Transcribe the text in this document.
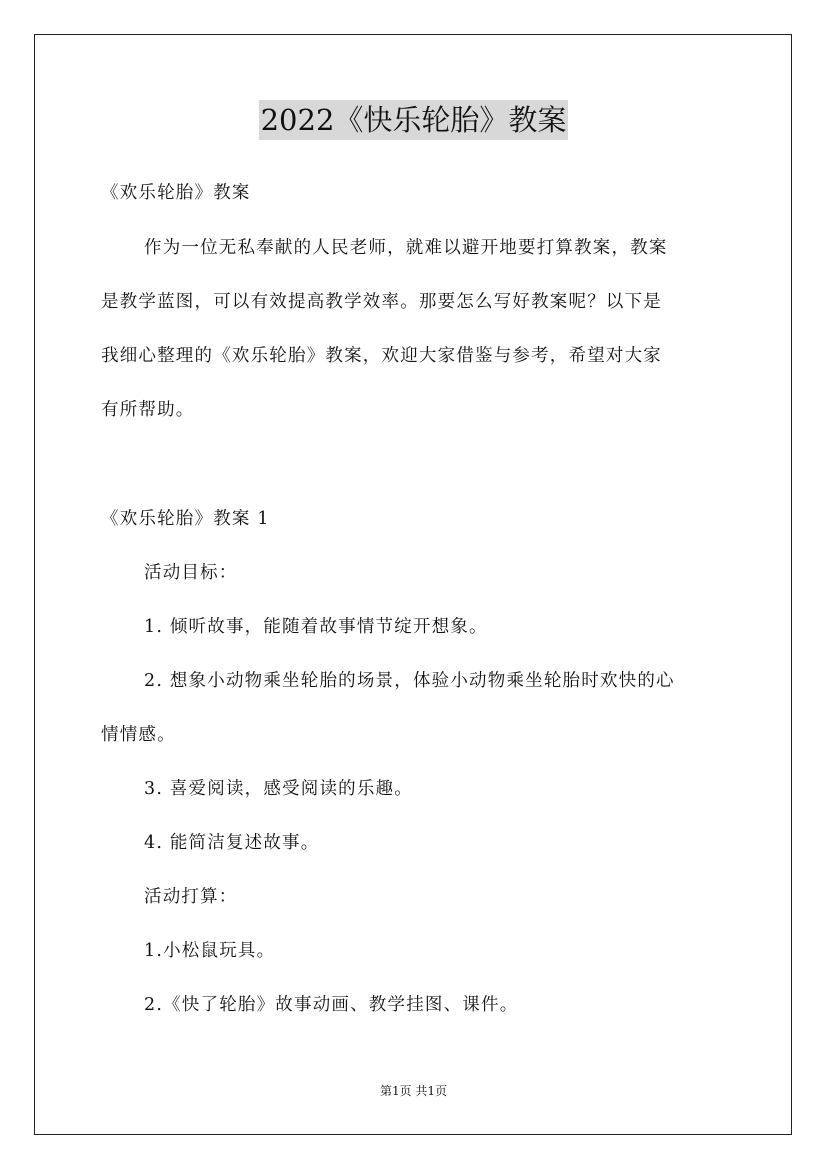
2022《快乐轮胎》教案
《欢乐轮胎》教案
作为一位无私奉献的人民老师，就难以避开地要打算教案，教案
是教学蓝图，可以有效提高教学效率。那要怎么写好教案呢？以下是
我细心整理的《欢乐轮胎》教案，欢迎大家借鉴与参考，希望对大家
有所帮助。
《欢乐轮胎》教案 1
活动目标：
1. 倾听故事，能随着故事情节绽开想象。
2. 想象小动物乘坐轮胎的场景，体验小动物乘坐轮胎时欢快的心
情情感。
3. 喜爱阅读，感受阅读的乐趣。
4. 能简洁复述故事。
活动打算：
1.小松鼠玩具。
2.《快了轮胎》故事动画、教学挂图、课件。
第1页 共1页
